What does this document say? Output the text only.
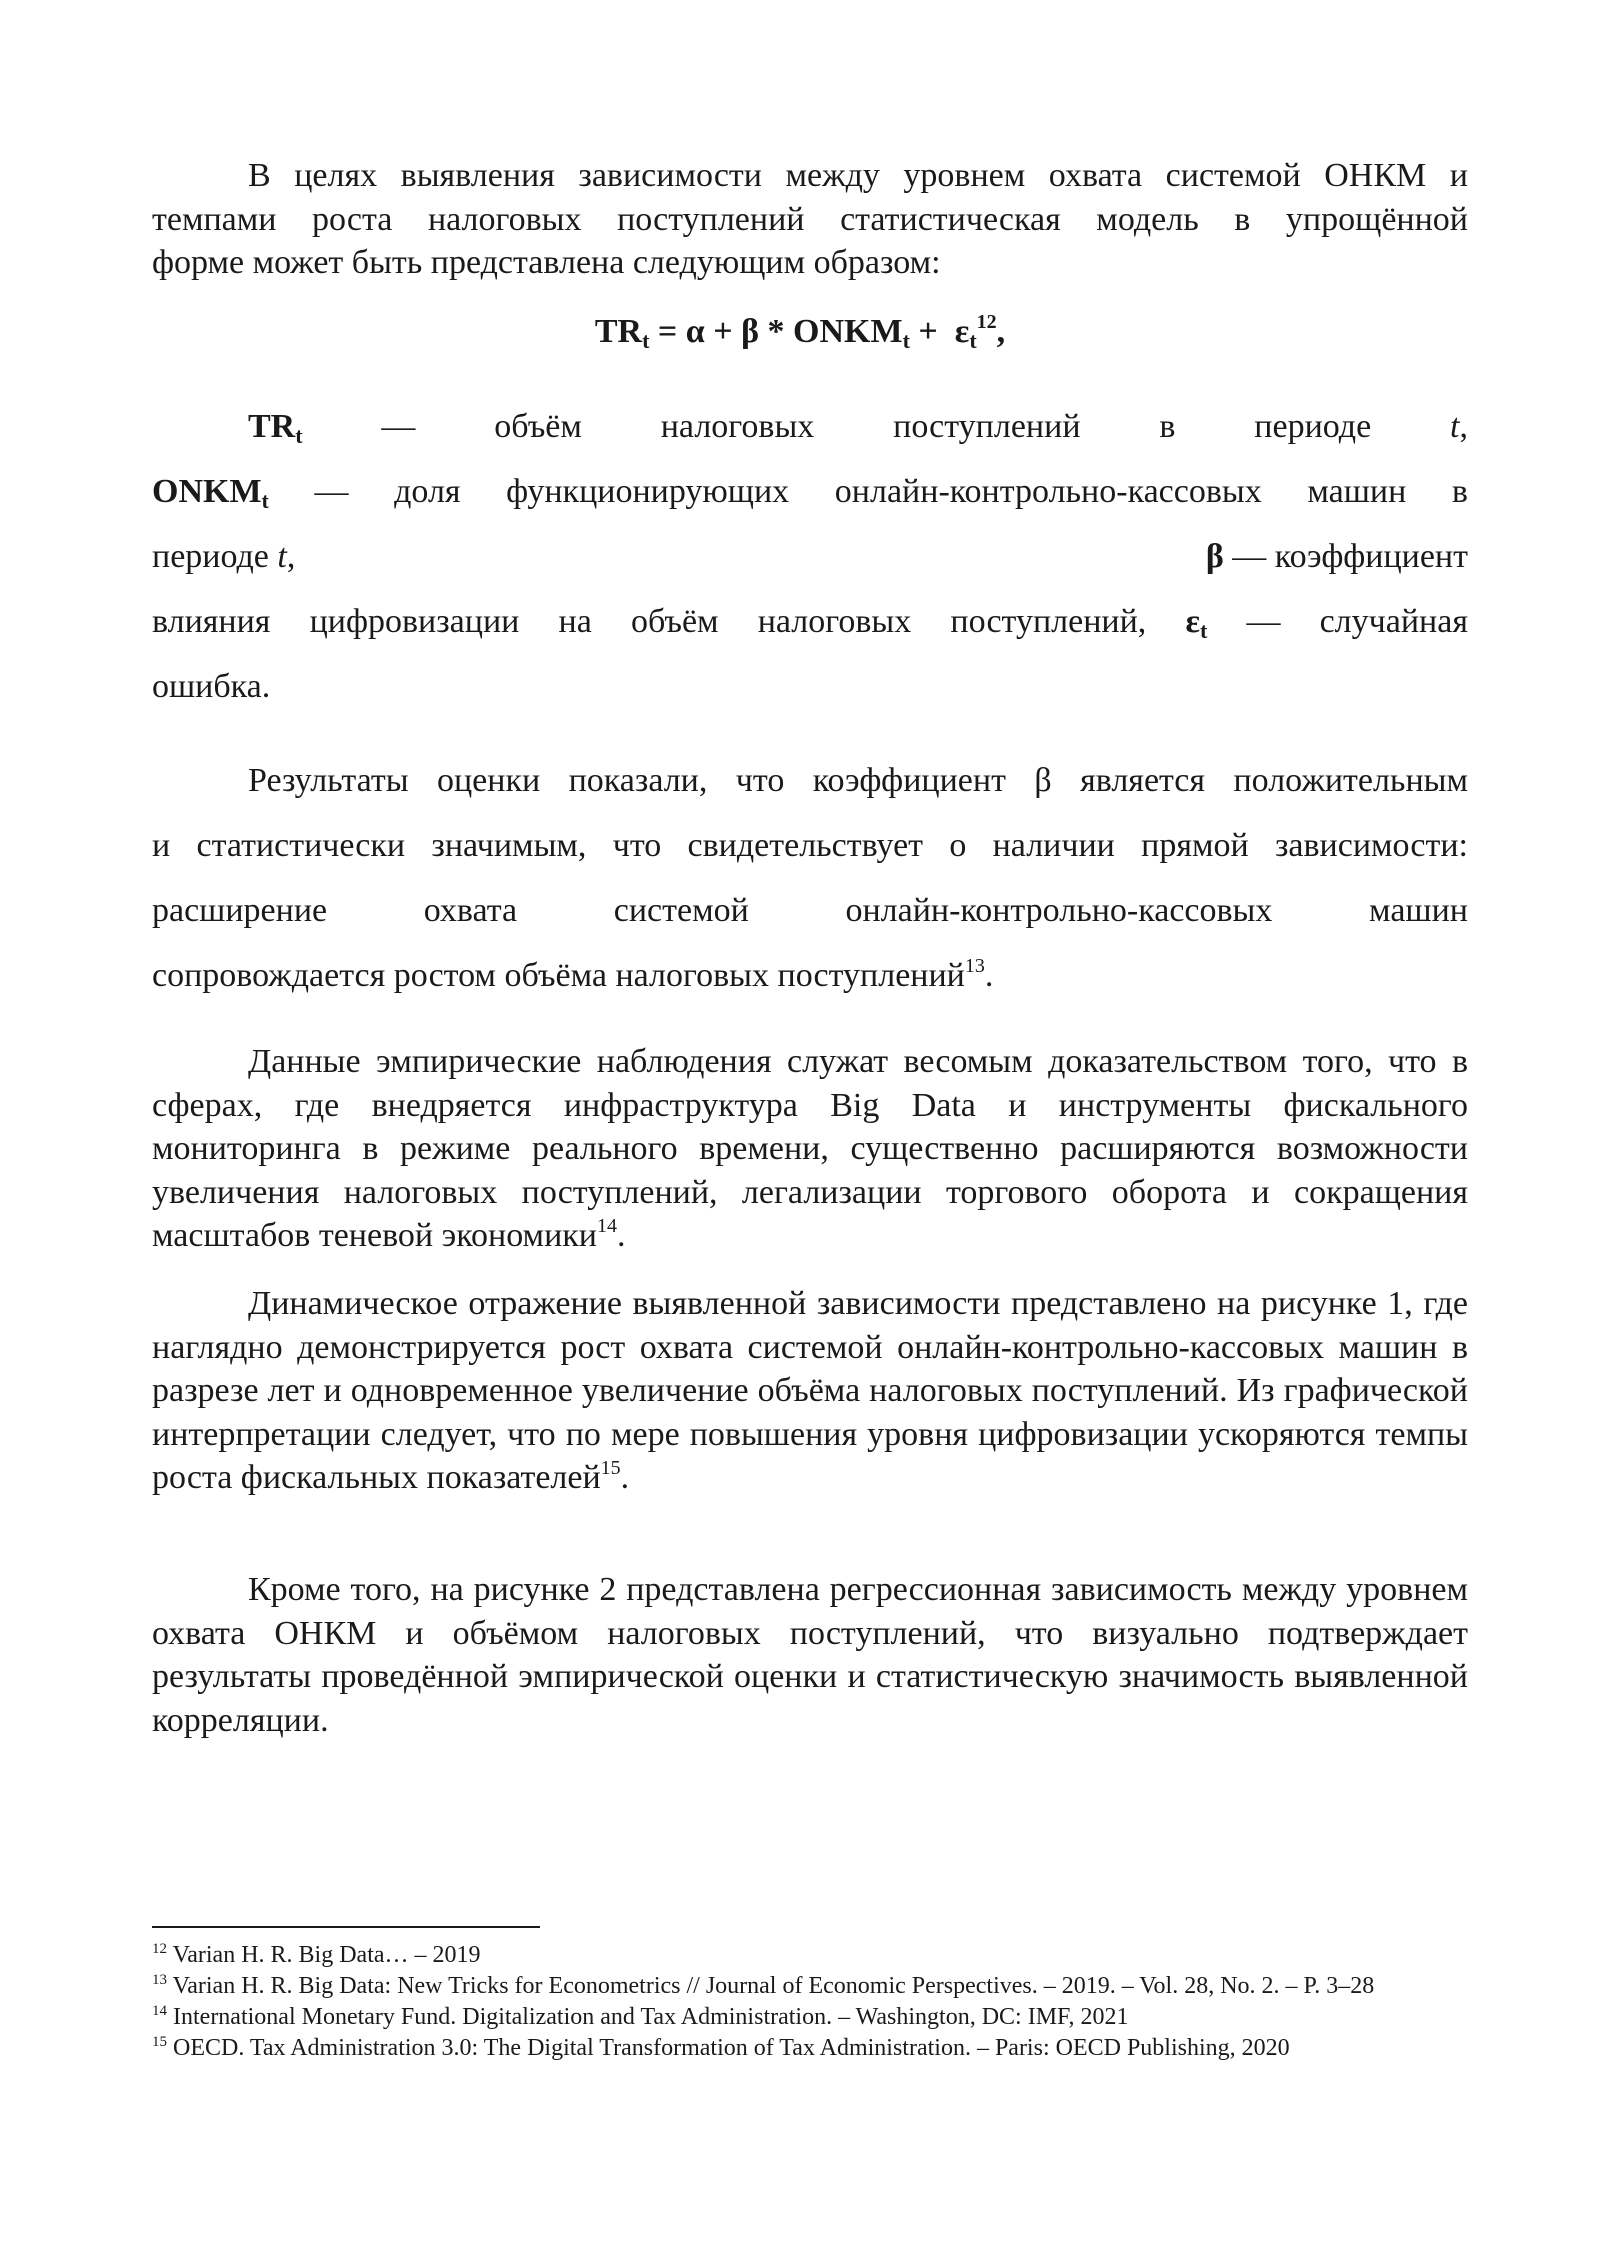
В целях выявления зависимости между уровнем охвата системой ОНКМ и

темпами роста налоговых поступлений статистическая модель в упрощённой

форме может быть представлена следующим образом:

$TR_t = \alpha + \beta$ * $ONKM_t + \varepsilon_t^{12}$,
$TR_t$ — объём налоговых поступлений в периоде t,
$ONKM_t$ — доля функционирующих онлайн-контрольно-кассовых машин в
периоде t,	β — коэффициент
влияния цифровизации на объём налоговых поступлений, $\varepsilon_t$ — случайная
ошибка.

Результаты оценки показали, что коэффициент β является положительным

и статистически значимым, что свидетельствует о наличии прямой зависимости:

расширение	охвата	системой	онлайн-контрольно-кассовых	машин

сопровождается ростом объёма налоговых поступлений$^{13}$.

Данные эмпирические наблюдения служат весомым доказательством того, что в сферах, где внедряется инфраструктура Big Data и инструменты фискального мониторинга в режиме реального времени, существенно расширяются возможности увеличения налоговых поступлений, легализации торгового оборота и сокращения масштабов теневой экономики$^{14}$.

Динамическое отражение выявленной зависимости представлено на рисунке 1, где наглядно демонстрируется рост охвата системой онлайн-контрольно-кассовых машин в разрезе лет и одновременное увеличение объёма налоговых поступлений. Из графической интерпретации следует, что по мере повышения уровня цифровизации ускоряются темпы роста фискальных показателей$^{15}$.

Кроме того, на рисунке 2 представлена регрессионная зависимость между уровнем охвата ОНКМ и объёмом налоговых поступлений, что визуально подтверждает результаты проведённой эмпирической оценки и статистическую значимость выявленной корреляции.

$^{12}$ Varian H. R. Big Data… – 2019

$^{13}$ Varian H. R. Big Data: New Tricks for Econometrics // Journal of Economic Perspectives. – 2019. – Vol. 28, No. 2. – P. 3–28

$^{14}$ International Monetary Fund. Digitalization and Tax Administration. – Washington, DC: IMF, 2021

$^{15}$ OECD. Tax Administration 3.0: The Digital Transformation of Tax Administration. – Paris: OECD Publishing, 2020
